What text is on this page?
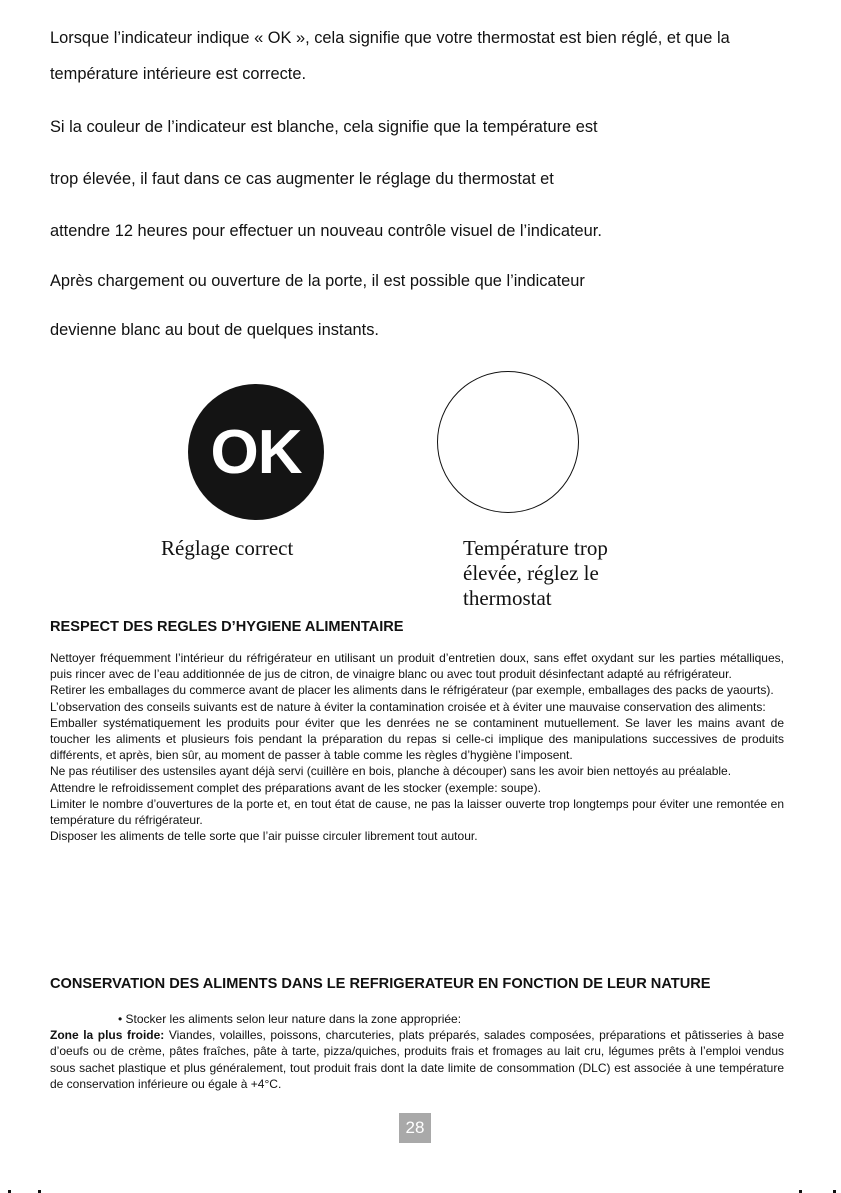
Lorsque l’indicateur indique « OK », cela signifie que votre thermostat est bien réglé, et que la

température intérieure est correcte.

Si la couleur de l’indicateur est blanche, cela signifie que la température est

trop élevée, il faut dans ce cas augmenter le réglage du thermostat et

attendre 12 heures pour effectuer un nouveau contrôle visuel de l’indicateur.

Après chargement ou ouverture de la porte, il est possible que l’indicateur

devienne blanc au bout de quelques instants.

OK

Réglage correct	Température trop élevée, réglez le thermostat

RESPECT DES REGLES D’HYGIENE ALIMENTAIRE

Nettoyer fréquemment l’intérieur du réfrigérateur en utilisant un produit d’entretien doux, sans effet oxydant sur les parties métalliques, puis rincer avec de l’eau additionnée de jus de citron, de vinaigre blanc ou avec tout produit désinfectant adapté au réfrigérateur.

Retirer les emballages du commerce avant de placer les aliments dans le réfrigérateur (par exemple, emballages des packs de yaourts).

L’observation des conseils suivants est de nature à éviter la contamination croisée et à éviter une mauvaise conservation des aliments:

Emballer systématiquement les produits pour éviter que les denrées ne se contaminent mutuellement. Se laver les mains avant de toucher les aliments et plusieurs fois pendant la préparation du repas si celle-ci implique des manipulations successives de produits différents, et après, bien sûr, au moment de passer à table comme les règles d’hygiène l’imposent.

Ne pas réutiliser des ustensiles ayant déjà servi (cuillère en bois, planche à découper) sans les avoir bien nettoyés au préalable.

Attendre le refroidissement complet des préparations avant de les stocker (exemple: soupe).

Limiter le nombre d’ouvertures de la porte et, en tout état de cause, ne pas la laisser ouverte trop longtemps pour éviter une remontée en température du réfrigérateur.

Disposer les aliments de telle sorte que l’air puisse circuler librement tout autour.

CONSERVATION DES ALIMENTS DANS LE REFRIGERATEUR EN FONCTION DE LEUR NATURE

• Stocker les aliments selon leur nature dans la zone appropriée:

Zone la plus froide: Viandes, volailles, poissons, charcuteries, plats préparés, salades composées, préparations et pâtisseries à base d’oeufs ou de crème, pâtes fraîches, pâte à tarte, pizza/quiches, produits frais et fromages au lait cru, légumes prêts à l’emploi vendus sous sachet plastique et plus généralement, tout produit frais dont la date limite de consommation (DLC) est associée à une température de conservation inférieure ou égale à +4°C.

28
